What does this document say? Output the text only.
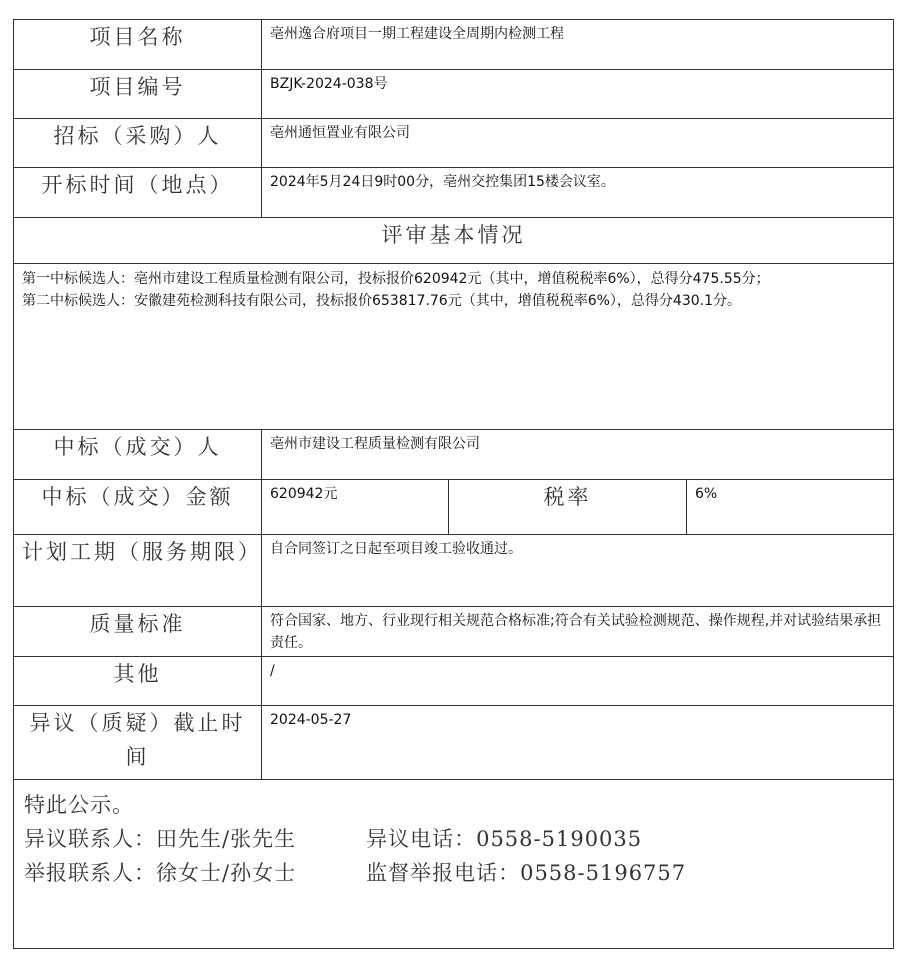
项目名称	亳州逸合府项目一期工程建设全周期内检测工程		
项目编号	BZJK-2024-038号		
招标（采购）人	亳州通恒置业有限公司		
开标时间（地点）	2024年5月24日9时00分，亳州交控集团15楼会议室。		
评审基本情况			

第一中标候选人：亳州市建设工程质量检测有限公司，投标报价620942元（其中，增值税税率6%），总得分475.55分；
第二中标候选人：安徽建苑检测科技有限公司，投标报价653817.76元（其中，增值税税率6%），总得分430.1分。			

中标（成交）人	亳州市建设工程质量检测有限公司		
中标（成交）金额	620942元	税率	6%
计划工期（服务期限）	自合同签订之日起至项目竣工验收通过。		
质量标准	符合国家、地方、行业现行相关规范合格标准;符合有关试验检测规范、操作规程,并对试验结果承担责任。		
其他	/		
异议（质疑）截止时间	2024-05-27		

特此公示。
异议联系人：田先生/张先生 异议电话：0558-5190035
举报联系人：徐女士/孙女士 监督举报电话：0558-5196757			
